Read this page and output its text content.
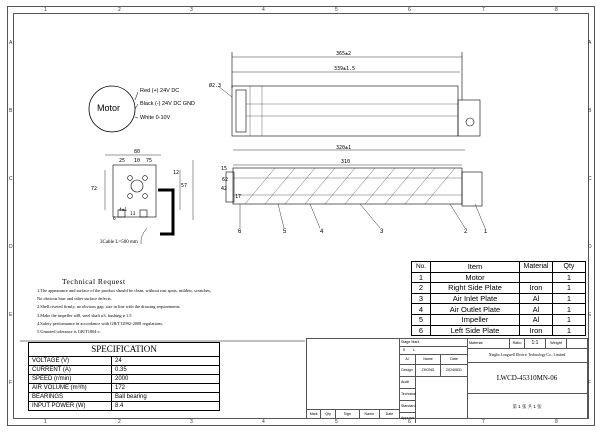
1	2	3	4	5	6	7	8
1	2	3	4	5	6	7	8
A
B
C
D
E
F
A
B
C
D
E
F
Motor
Red (+) 24V DC
Black (-) 24V DC GND
White 0-10V
365±2
339±1.5
Ø2.3
80
25 10 75
12
57
72
15
62
42
17
4±1
13
6
320±1
310
3Cable L=500 mm
6	5	4	3	2	1
Technical Request
1.The appearance and surface of the product should be clean, without rust spots, mildew, scratches,
No obvious burr and other surface defects.
2.Shell riveted firmly, no obvious gap, size in line with the drawing requirements.
3.Make the impeller ø48, steel shaft ø3, bushing ø 1.5
4.Safety performance in accordance with GB/T12992-2008 regulations.
5.Unnoted tolerance is GB/T1804-c.
SPECIFICATION
VOLTAGE (V)	24
CURRENT (A)	0.35
SPEED (r/min)	2000
AIR VOLUME (m³/h)	172
BEARINGS	Ball bearing
INPUT POWER (W)	8.4
No.	Item	Material	Qty
1	Motor		1
2	Right Side Plate	Iron	1
3	Air Inlet Plate	Al	1
4	Air Outlet Plate	Al	1
5	Impeller	Al	1
6	Left Side Plate	Iron	1
Mark	Qty	Sign	Name	Date
Stage Mark
S	L
Al	Name	Date
Design	ZHONG	20240831
Audit
Technical
Standard
Approve
Material	Ratio	1:1	Weight
Ningbo Longwell Electric Technology Co., Limited
LWCD-45310MN-06
第 1 张 共 1 张
